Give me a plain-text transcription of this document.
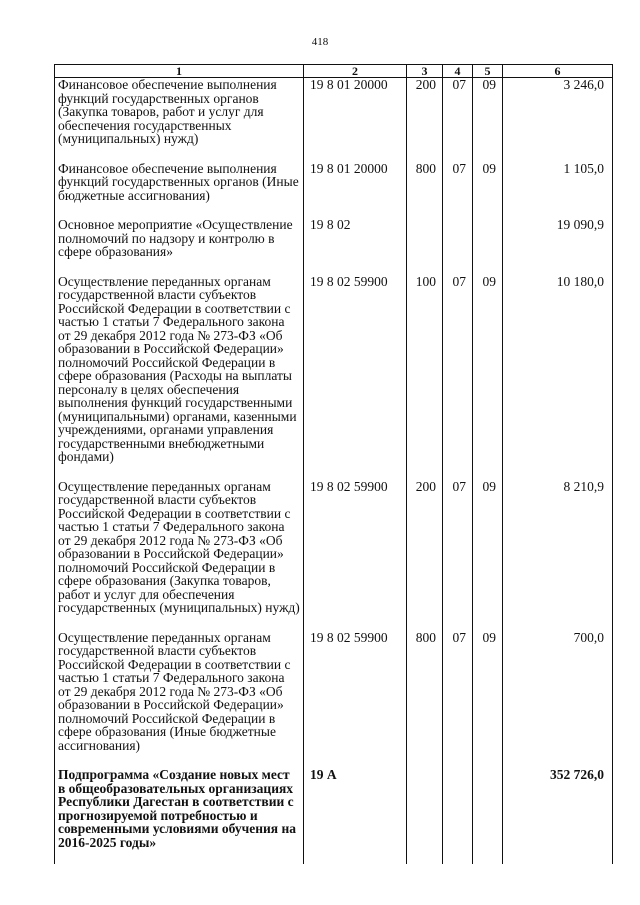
418
1	2	3	4	5	6
Финансовое обеспечение выполнения функций государственных органов (Закупка товаров, работ и услуг для обеспечения государственных (муниципальных) нужд)	19 8 01 20000	200	07	09	3 246,0
Финансовое обеспечение выполнения функций государственных органов (Иные бюджетные ассигнования)	19 8 01 20000	800	07	09	1 105,0
Основное мероприятие «Осуществление полномочий по надзору и контролю в сфере образования»	19 8 02				19 090,9
Осуществление переданных органам государственной власти субъектов Российской Федерации в соответствии с частью 1 статьи 7 Федерального закона от 29 декабря 2012 года № 273-ФЗ «Об образовании в Российской Федерации» полномочий Российской Федерации в сфере образования (Расходы на выплаты персоналу в целях обеспечения выполнения функций государственными (муниципальными) органами, казенными учреждениями, органами управления государственными внебюджетными фондами)	19 8 02 59900	100	07	09	10 180,0
Осуществление переданных органам государственной власти субъектов Российской Федерации в соответствии с частью 1 статьи 7 Федерального закона от 29 декабря 2012 года № 273-ФЗ «Об образовании в Российской Федерации» полномочий Российской Федерации в сфере образования (Закупка товаров, работ и услуг для обеспечения государственных (муниципальных) нужд)	19 8 02 59900	200	07	09	8 210,9
Осуществление переданных органам государственной власти субъектов Российской Федерации в соответствии с частью 1 статьи 7 Федерального закона от 29 декабря 2012 года № 273-ФЗ «Об образовании в Российской Федерации» полномочий Российской Федерации в сфере образования (Иные бюджетные ассигнования)	19 8 02 59900	800	07	09	700,0
Подпрограмма «Создание новых мест в общеобразовательных организациях Республики Дагестан в соответствии с прогнозируемой потребностью и современными условиями обучения на 2016-2025 годы»	19 А				352 726,0
